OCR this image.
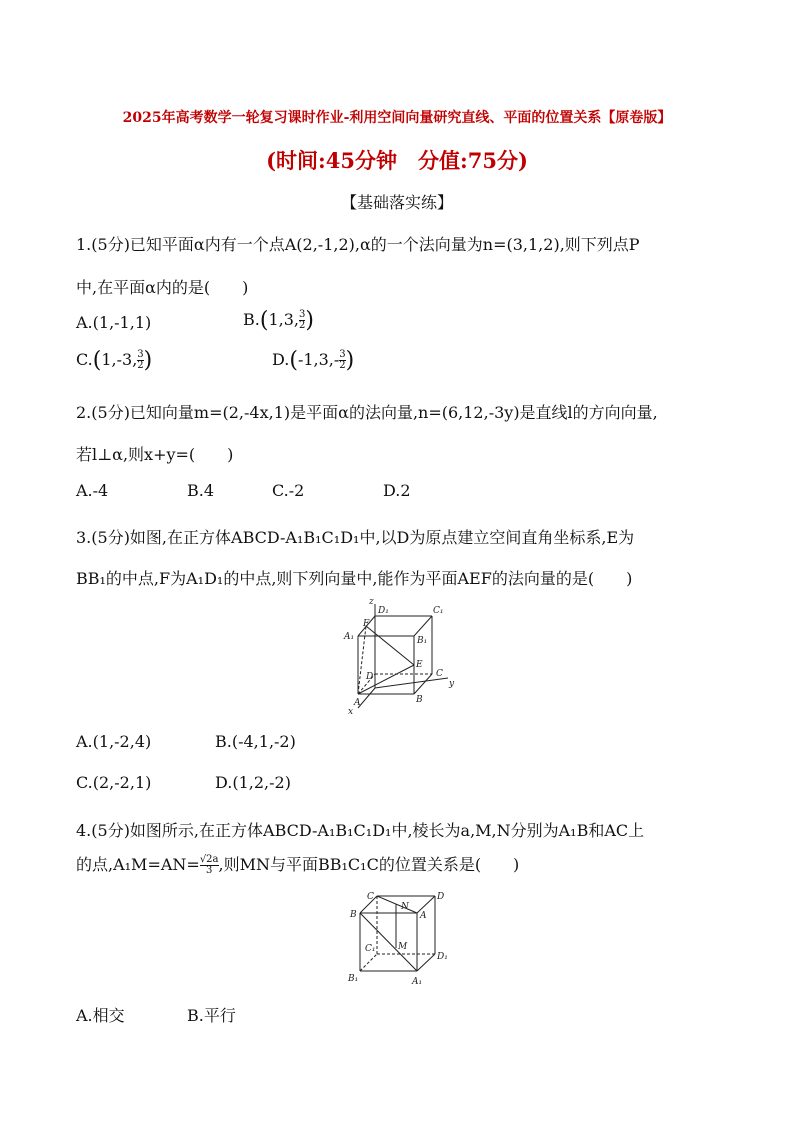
2025年高考数学一轮复习课时作业-利用空间向量研究直线、平面的位置关系【原卷版】
(时间:45分钟　分值:75分)
【基础落实练】
1.(5分)已知平面α内有一个点A(2,-1,2),α的一个法向量为n=(3,1,2),则下列点P
中,在平面α内的是(　　)
A.(1,-1,1)	B.(1,3, $\frac{3}{2}$ )
C.(1,-3, $\frac{3}{2}$ )	$D.(-1,3,- \frac{3}{2}$ )
2.(5分)已知向量m=(2,-4x,1)是平面α的法向量,n=(6,12,-3y)是直线l的方向向量,
若l⊥α,则x+y=(　　)
A.-4	B.4	C.-2	D.2
3.(5分)如图,在正方体ABCD-A₁B₁C₁D₁中,以D为原点建立空间直角坐标系,E为
BB₁的中点,F为A₁D₁的中点,则下列向量中,能作为平面AEF的法向量的是(　　)
z
x
y
D₁	C₁
A₁	B₁
F
E
D	C
A	B
A.(1,-2,4)	B.(-4,1,-2)
C.(2,-2,1)	D.(1,2,-2)
4.(5分)如图所示,在正方体ABCD-A₁B₁C₁D₁中,棱长为a,M,N分别为A₁B和AC上
的点$,A_1M=AN= \frac{√2a}{3}$ ,则MN与平面BB₁C₁C的位置关系是(　　)
C	D
N
B	A
C₁	M
D₁
B₁	A₁
A.相交	B.平行
